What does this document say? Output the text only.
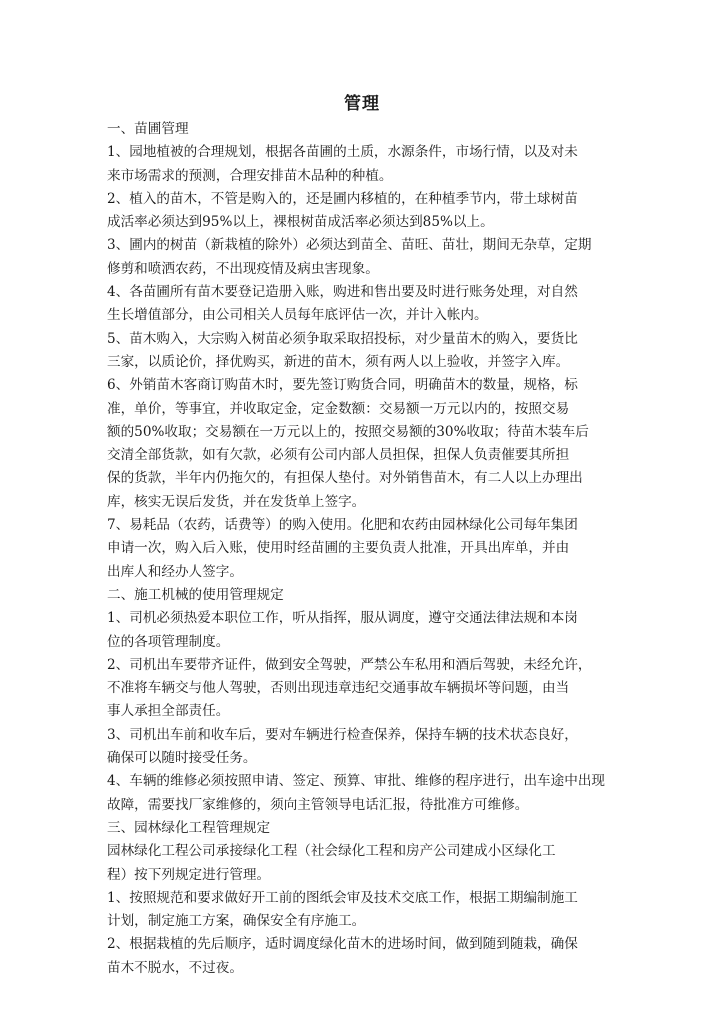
管理
一、苗圃管理
1、园地植被的合理规划，根据各苗圃的土质，水源条件，市场行情，以及对未
来市场需求的预测，合理安排苗木品种的种植。
2、植入的苗木，不管是购入的，还是圃内移植的，在种植季节内，带土球树苗
成活率必须达到95%以上，裸根树苗成活率必须达到85%以上。
3、圃内的树苗（新栽植的除外）必须达到苗全、苗旺、苗壮，期间无杂草，定期
修剪和喷洒农药，不出现疫情及病虫害现象。
4、各苗圃所有苗木要登记造册入账，购进和售出要及时进行账务处理，对自然
生长增值部分，由公司相关人员每年底评估一次，并计入帐内。
5、苗木购入，大宗购入树苗必须争取采取招投标，对少量苗木的购入，要货比
三家，以质论价，择优购买，新进的苗木，须有两人以上验收，并签字入库。
6、外销苗木客商订购苗木时，要先签订购货合同，明确苗木的数量，规格，标
准，单价，等事宜，并收取定金，定金数额：交易额一万元以内的，按照交易
额的50%收取；交易额在一万元以上的，按照交易额的30%收取；待苗木装车后
交清全部货款，如有欠款，必须有公司内部人员担保，担保人负责催要其所担
保的货款，半年内仍拖欠的，有担保人垫付。对外销售苗木，有二人以上办理出
库，核实无误后发货，并在发货单上签字。
7、易耗品（农药，话费等）的购入使用。化肥和农药由园林绿化公司每年集团
申请一次，购入后入账，使用时经苗圃的主要负责人批准，开具出库单，并由
出库人和经办人签字。
二、施工机械的使用管理规定
1、司机必须热爱本职位工作，听从指挥，服从调度，遵守交通法律法规和本岗
位的各项管理制度。
2、司机出车要带齐证件，做到安全驾驶，严禁公车私用和酒后驾驶，未经允许，
不准将车辆交与他人驾驶，否则出现违章违纪交通事故车辆损坏等问题，由当
事人承担全部责任。
3、司机出车前和收车后，要对车辆进行检查保养，保持车辆的技术状态良好，
确保可以随时接受任务。
4、车辆的维修必须按照申请、签定、预算、审批、维修的程序进行，出车途中出现
故障，需要找厂家维修的，须向主管领导电话汇报，待批准方可维修。
三、园林绿化工程管理规定
园林绿化工程公司承接绿化工程（社会绿化工程和房产公司建成小区绿化工
程）按下列规定进行管理。
1、按照规范和要求做好开工前的图纸会审及技术交底工作，根据工期编制施工
计划，制定施工方案，确保安全有序施工。
2、根据栽植的先后顺序，适时调度绿化苗木的进场时间，做到随到随栽，确保
苗木不脱水，不过夜。
